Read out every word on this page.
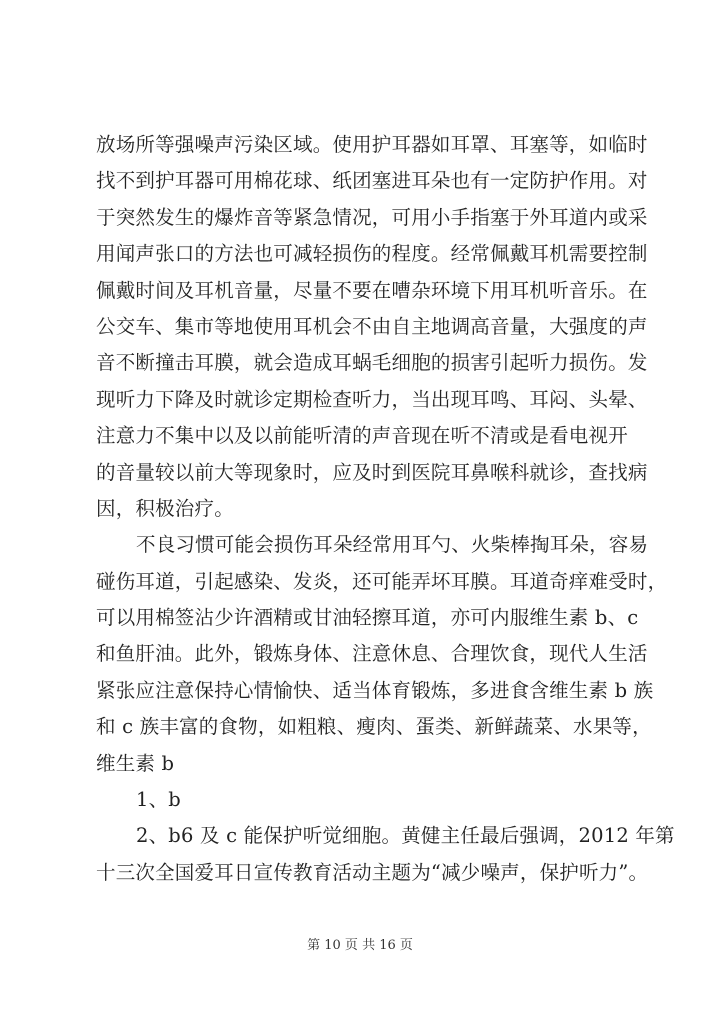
放场所等强噪声污染区域。使用护耳器如耳罩、耳塞等，如临时
找不到护耳器可用棉花球、纸团塞进耳朵也有一定防护作用。对
于突然发生的爆炸音等紧急情况，可用小手指塞于外耳道内或采
用闻声张口的方法也可减轻损伤的程度。经常佩戴耳机需要控制
佩戴时间及耳机音量，尽量不要在嘈杂环境下用耳机听音乐。在
公交车、集市等地使用耳机会不由自主地调高音量，大强度的声
音不断撞击耳膜，就会造成耳蜗毛细胞的损害引起听力损伤。发
现听力下降及时就诊定期检查听力，当出现耳鸣、耳闷、头晕、
注意力不集中以及以前能听清的声音现在听不清或是看电视开
的音量较以前大等现象时，应及时到医院耳鼻喉科就诊，查找病
因，积极治疗。
不良习惯可能会损伤耳朵经常用耳勺、火柴棒掏耳朵，容易
碰伤耳道，引起感染、发炎，还可能弄坏耳膜。耳道奇痒难受时，
可以用棉签沾少许酒精或甘油轻擦耳道，亦可内服维生素 b、c
和鱼肝油。此外，锻炼身体、注意休息、合理饮食，现代人生活
紧张应注意保持心情愉快、适当体育锻炼，多进食含维生素 b 族
和 c 族丰富的食物，如粗粮、瘦肉、蛋类、新鲜蔬菜、水果等，
维生素 b
1、b
2、b6 及 c 能保护听觉细胞。黄健主任最后强调，2012 年第
十三次全国爱耳日宣传教育活动主题为“减少噪声，保护听力”。
第 10 页 共 16 页
